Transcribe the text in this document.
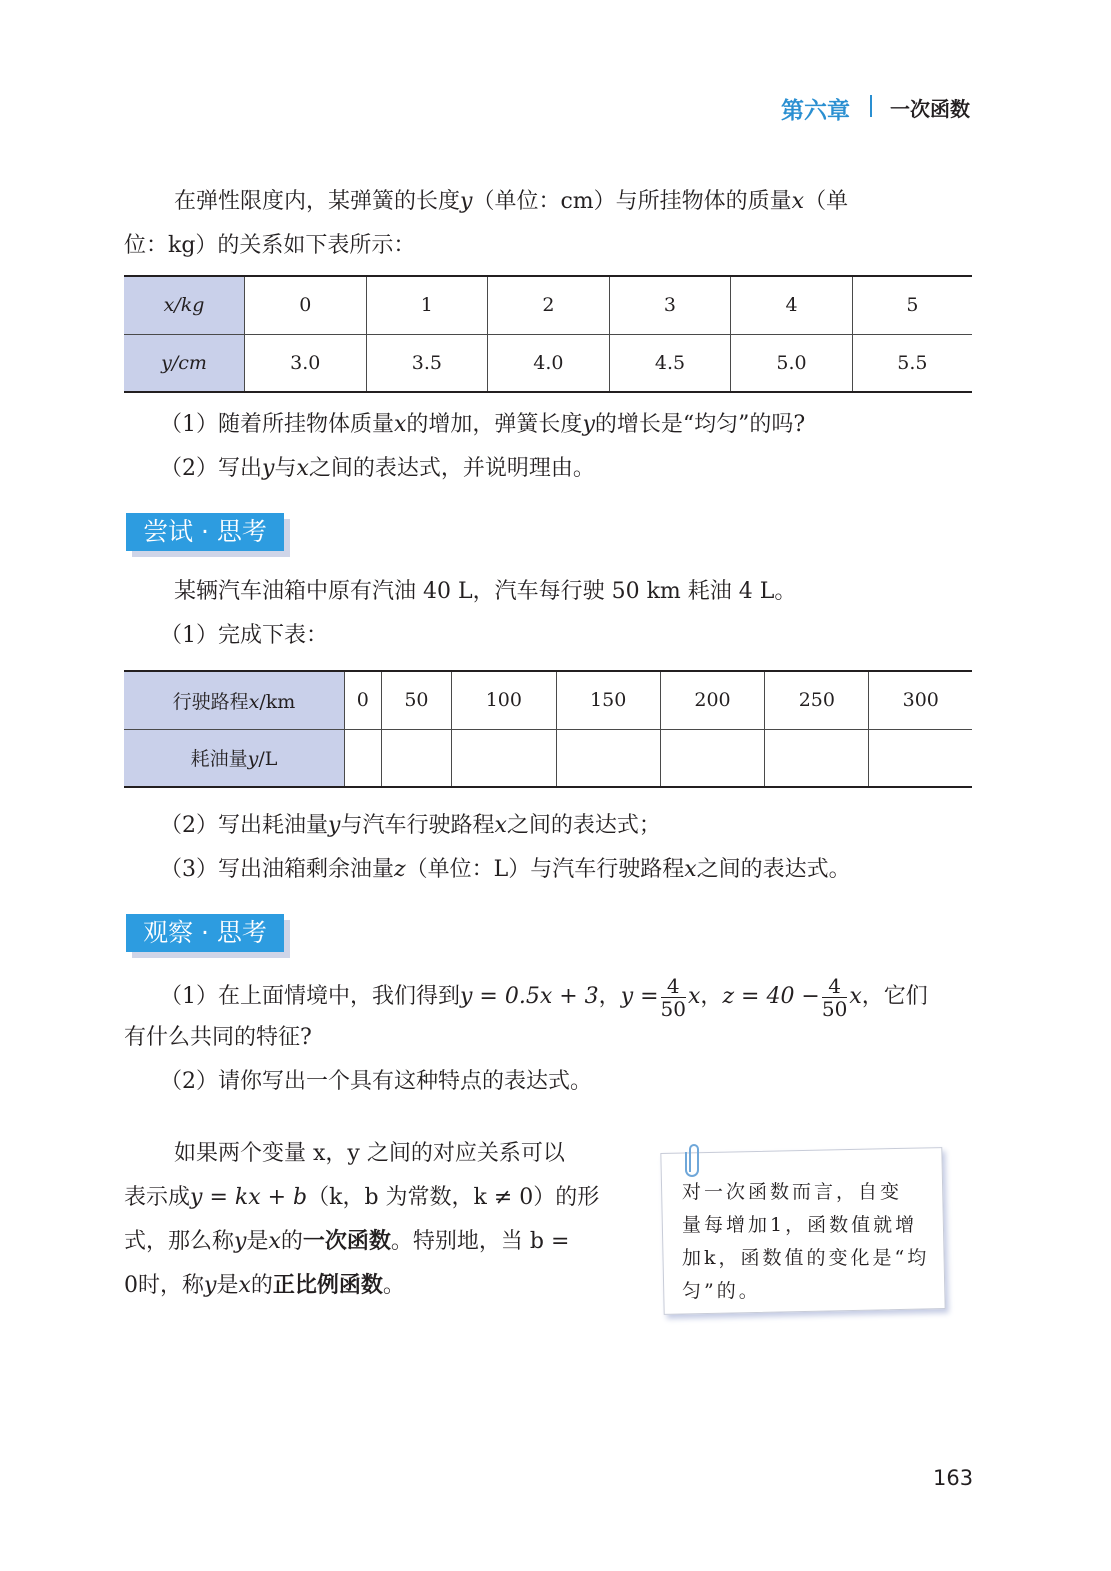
第六章 一次函数
在弹性限度内，某弹簧的长度y（单位：cm）与所挂物体的质量x（单
位：kg）的关系如下表所示：
x/kg	0	1	2	3	4	5
y/cm	3.0	3.5	4.0	4.5	5.0	5.5
（1）随着所挂物体质量x的增加，弹簧长度y的增长是“均匀”的吗?
（2）写出y与x之间的表达式，并说明理由。
尝试 · 思考
某辆汽车油箱中原有汽油 40 L，汽车每行驶 50 km 耗油 4 L。
（1）完成下表：
行驶路程x/km	0	50	100	150	200	250	300
耗油量y/L							
（2）写出耗油量y与汽车行驶路程x之间的表达式；
（3）写出油箱剩余油量z（单位：L）与汽车行驶路程x之间的表达式。
观察 · 思考
（1）在上面情境中，我们得到y = 0.5x + 3，$y = \frac{4}{50}$ x，$z = 40 - \frac{4}{50}$ x，它们
有什么共同的特征?
（2）请你写出一个具有这种特点的表达式。
如果两个变量 x，y 之间的对应关系可以
表示成y = kx + b（k，b 为常数，k ≠ 0）的形
式，那么称y是x的一次函数。特别地，当 b =
0时，称y是x的正比例函数。
对一次函数而言，自变
量每增加1，函数值就增
加k，函数值的变化是“均
匀”的。
163
